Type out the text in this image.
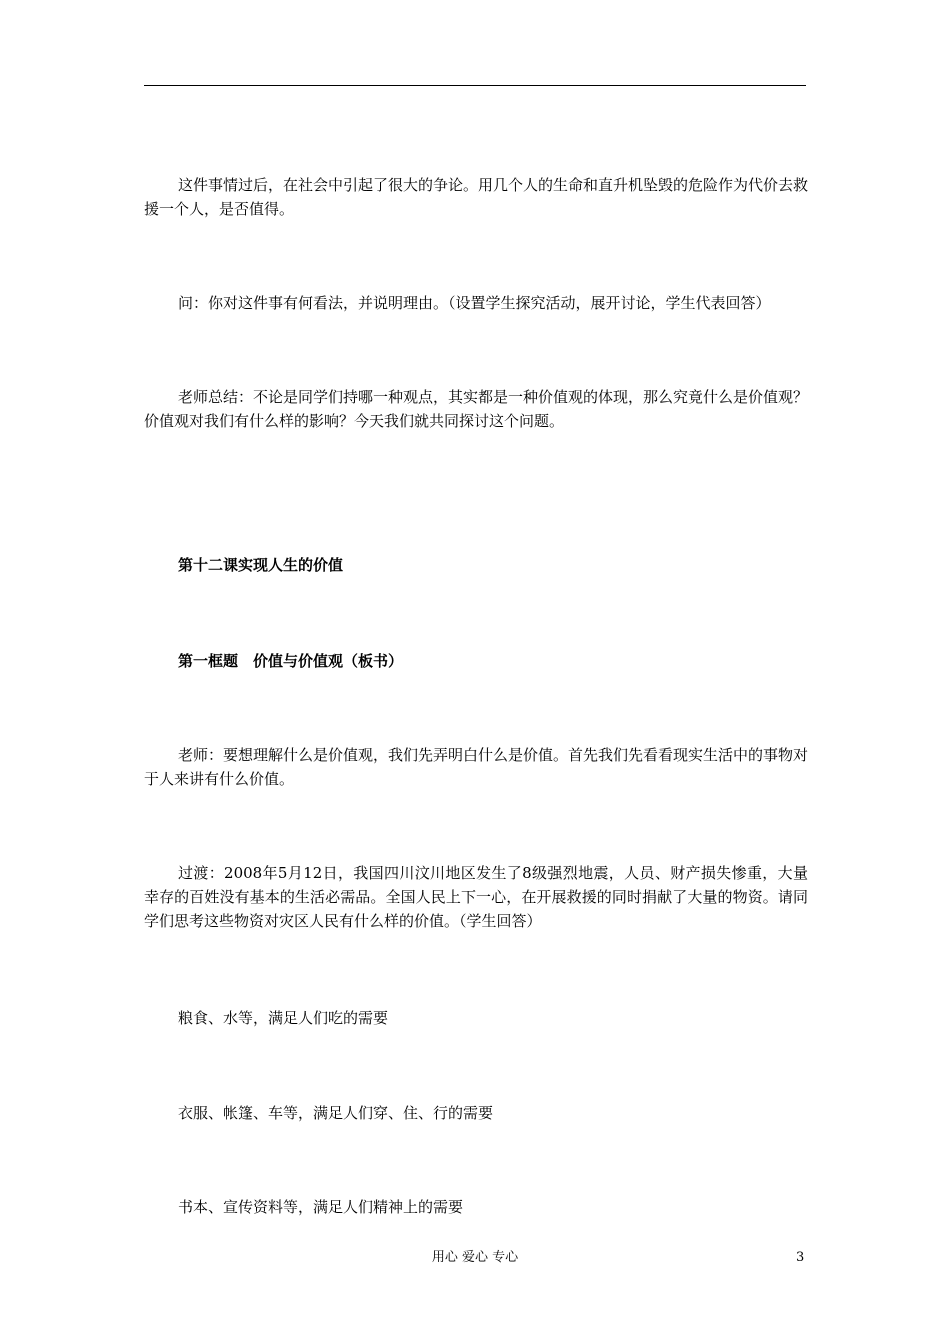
这件事情过后，在社会中引起了很大的争论。用几个人的生命和直升机坠毁的危险作为代价去救援一个人，是否值得。

问：你对这件事有何看法，并说明理由。（设置学生探究活动，展开讨论，学生代表回答）

老师总结：不论是同学们持哪一种观点，其实都是一种价值观的体现，那么究竟什么是价值观？价值观对我们有什么样的影响？今天我们就共同探讨这个问题。

第十二课实现人生的价值

第一框题　价值与价值观（板书）

老师：要想理解什么是价值观，我们先弄明白什么是价值。首先我们先看看现实生活中的事物对于人来讲有什么价值。

过渡：2008年5月12日，我国四川汶川地区发生了8级强烈地震，人员、财产损失惨重，大量幸存的百姓没有基本的生活必需品。全国人民上下一心，在开展救援的同时捐献了大量的物资。请同学们思考这些物资对灾区人民有什么样的价值。（学生回答）

粮食、水等，满足人们吃的需要

衣服、帐篷、车等，满足人们穿、住、行的需要

书本、宣传资料等，满足人们精神上的需要

用心 爱心 专心	3
